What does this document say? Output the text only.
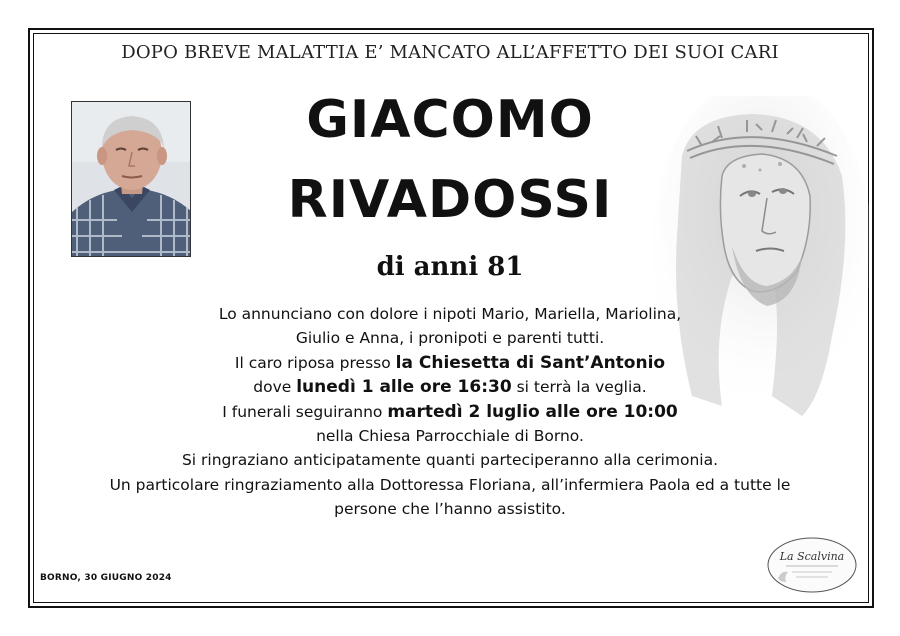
DOPO BREVE MALATTIA E’ MANCATO ALL’AFFETTO DEI SUOI CARI
GIACOMO
RIVADOSSI
di anni 81
Lo annunciano con dolore i nipoti Mario, Mariella, Mariolina,
Giulio e Anna, i pronipoti e parenti tutti.
Il caro riposa presso la Chiesetta di Sant’Antonio
dove lunedì 1 alle ore 16:30 si terrà la veglia.
I funerali seguiranno martedì 2 luglio alle ore 10:00
nella Chiesa Parrocchiale di Borno.
Si ringraziano anticipatamente quanti parteciperanno alla cerimonia.
Un particolare ringraziamento alla Dottoressa Floriana, all’infermiera Paola ed a tutte le
persone che l’hanno assistito.
BORNO, 30 GIUGNO 2024
La Scalvina
